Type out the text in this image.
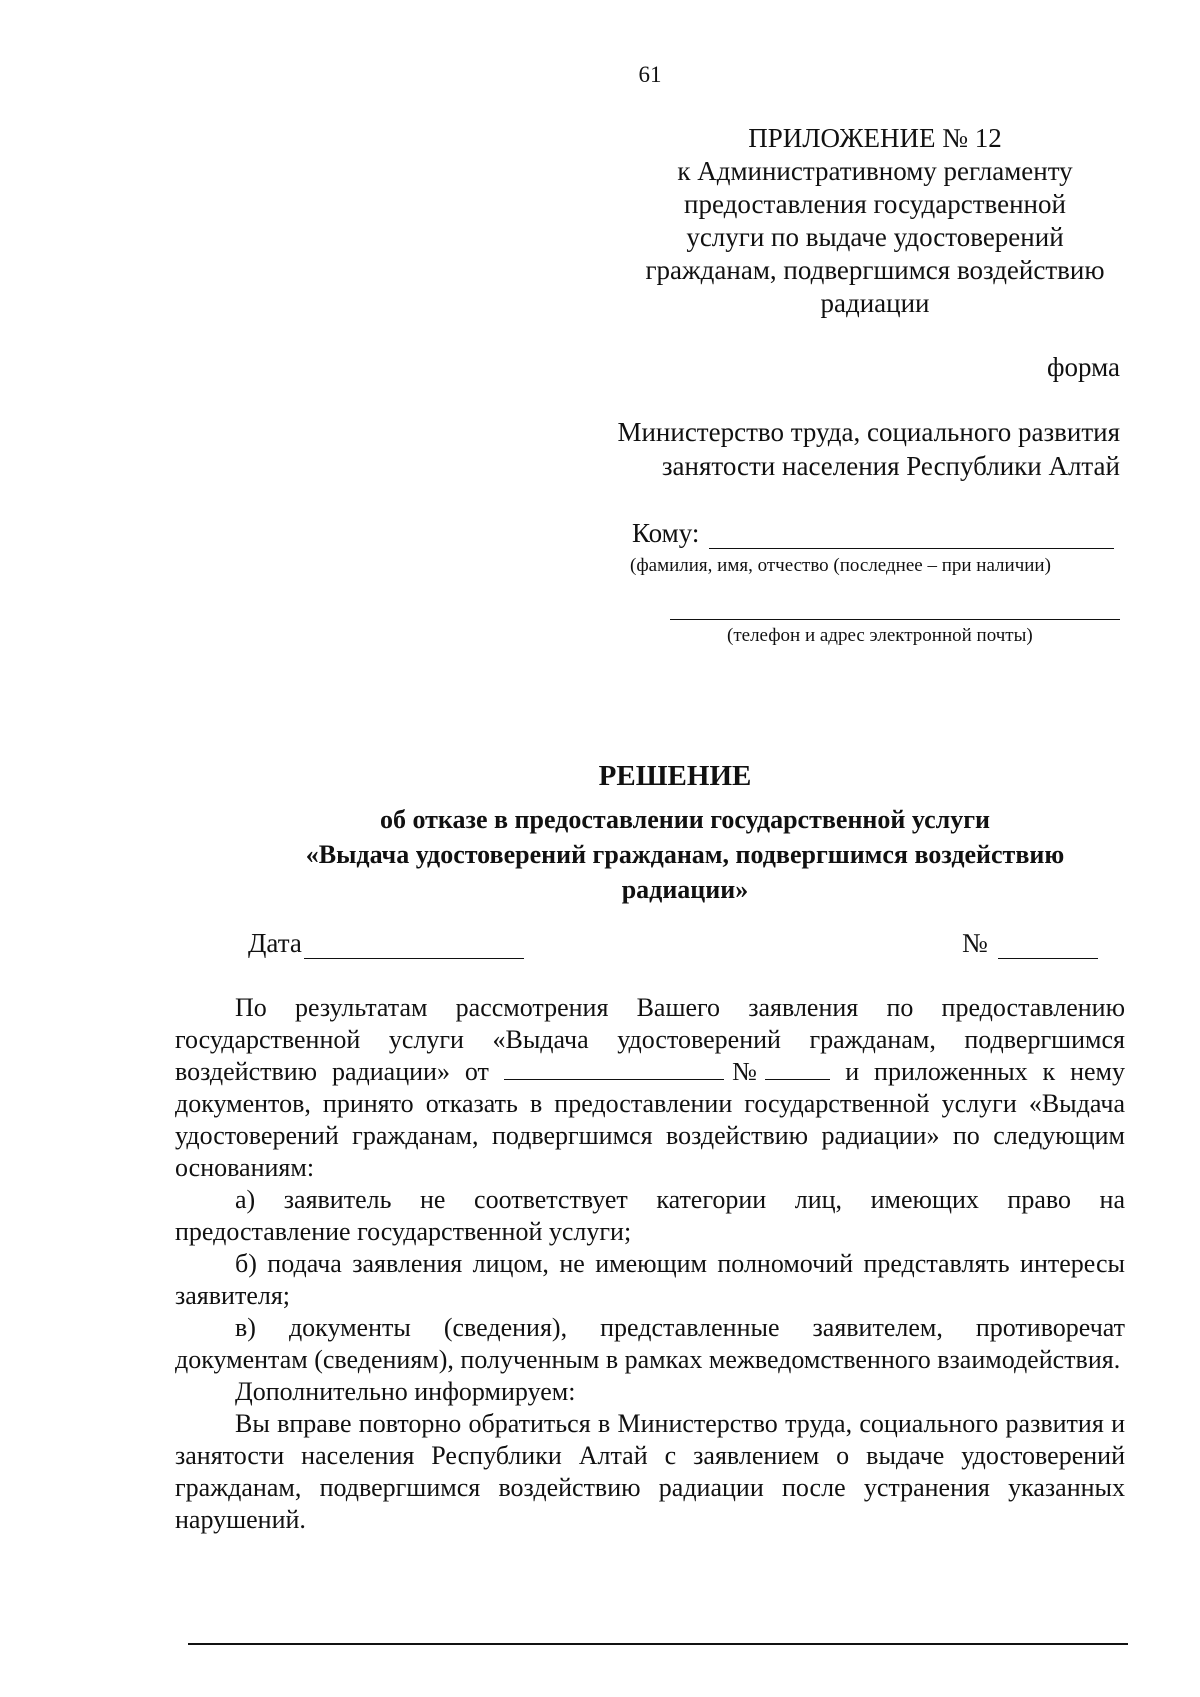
61
ПРИЛОЖЕНИЕ № 12
к Административному регламенту
предоставления государственной
услуги по выдаче удостоверений
гражданам, подвергшимся воздействию
радиации
форма
Министерство труда, социального развития
занятости населения Республики Алтай
Кому:
(фамилия, имя, отчество (последнее – при наличии)
(телефон и адрес электронной почты)
РЕШЕНИЕ
об отказе в предоставлении государственной услуги
«Выдача удостоверений гражданам, подвергшимся воздействию
радиации»
Дата	№

По результатам рассмотрения Вашего заявления по предоставлению государственной услуги «Выдача удостоверений гражданам, подвергшимся воздействию радиации» от	№	и приложенных к нему документов, принято отказать в предоставлении государственной услуги «Выдача удостоверений гражданам, подвергшимся воздействию радиации» по следующим основаниям:

а) заявитель не соответствует категории лиц, имеющих право на предоставление государственной услуги;

б) подача заявления лицом, не имеющим полномочий представлять интересы заявителя;

в) документы (сведения), представленные заявителем, противоречат документам (сведениям), полученным в рамках межведомственного взаимодействия.

Дополнительно информируем:

Вы вправе повторно обратиться в Министерство труда, социального развития и занятости населения Республики Алтай с заявлением о выдаче удостоверений гражданам, подвергшимся воздействию радиации после устранения указанных нарушений.
